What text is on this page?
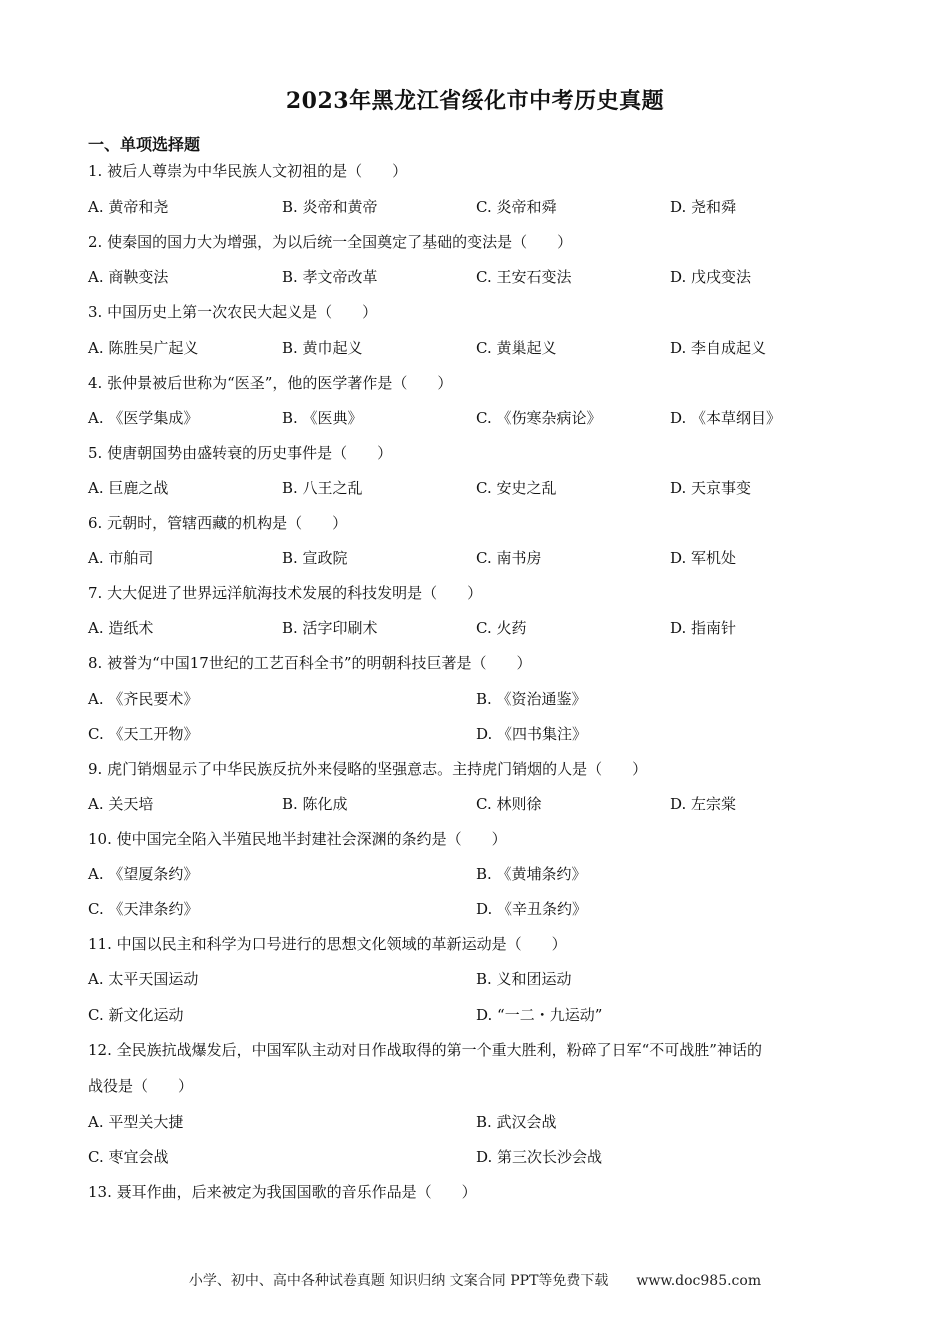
2023年黑龙江省绥化市中考历史真题
一、单项选择题
1. 被后人尊崇为中华民族人文初祖的是（　　）
A. 黄帝和尧	B. 炎帝和黄帝	C. 炎帝和舜	D. 尧和舜
2. 使秦国的国力大为增强，为以后统一全国奠定了基础的变法是（　　）
A. 商鞅变法	B. 孝文帝改革	C. 王安石变法	D. 戊戌变法
3. 中国历史上第一次农民大起义是（　　）
A. 陈胜吴广起义	B. 黄巾起义	C. 黄巢起义	D. 李自成起义
4. 张仲景被后世称为“医圣”，他的医学著作是（　　）
A. 《医学集成》	B. 《医典》	C. 《伤寒杂病论》	D. 《本草纲目》
5. 使唐朝国势由盛转衰的历史事件是（　　）
A. 巨鹿之战	B. 八王之乱	C. 安史之乱	D. 天京事变
6. 元朝时，管辖西藏的机构是（　　）
A. 市舶司	B. 宣政院	C. 南书房	D. 军机处
7. 大大促进了世界远洋航海技术发展的科技发明是（　　）
A. 造纸术	B. 活字印刷术	C. 火药	D. 指南针
8. 被誉为“中国17世纪的工艺百科全书”的明朝科技巨著是（　　）
A. 《齐民要术》	B. 《资治通鉴》
C. 《天工开物》	D. 《四书集注》
9. 虎门销烟显示了中华民族反抗外来侵略的坚强意志。主持虎门销烟的人是（　　）
A. 关天培	B. 陈化成	C. 林则徐	D. 左宗棠
10. 使中国完全陷入半殖民地半封建社会深渊的条约是（　　）
A. 《望厦条约》	B. 《黄埔条约》
C. 《天津条约》	D. 《辛丑条约》
11. 中国以民主和科学为口号进行的思想文化领域的革新运动是（　　）
A. 太平天国运动	B. 义和团运动
C. 新文化运动	D. “一二・九运动”
12. 全民族抗战爆发后，中国军队主动对日作战取得的第一个重大胜利，粉碎了日军“不可战胜”神话的
战役是（　　）
A. 平型关大捷	B. 武汉会战
C. 枣宜会战	D. 第三次长沙会战
13. 聂耳作曲，后来被定为我国国歌的音乐作品是（　　）
小学、初中、高中各种试卷真题 知识归纳 文案合同 PPT等免费下载　　www.doc985.com
